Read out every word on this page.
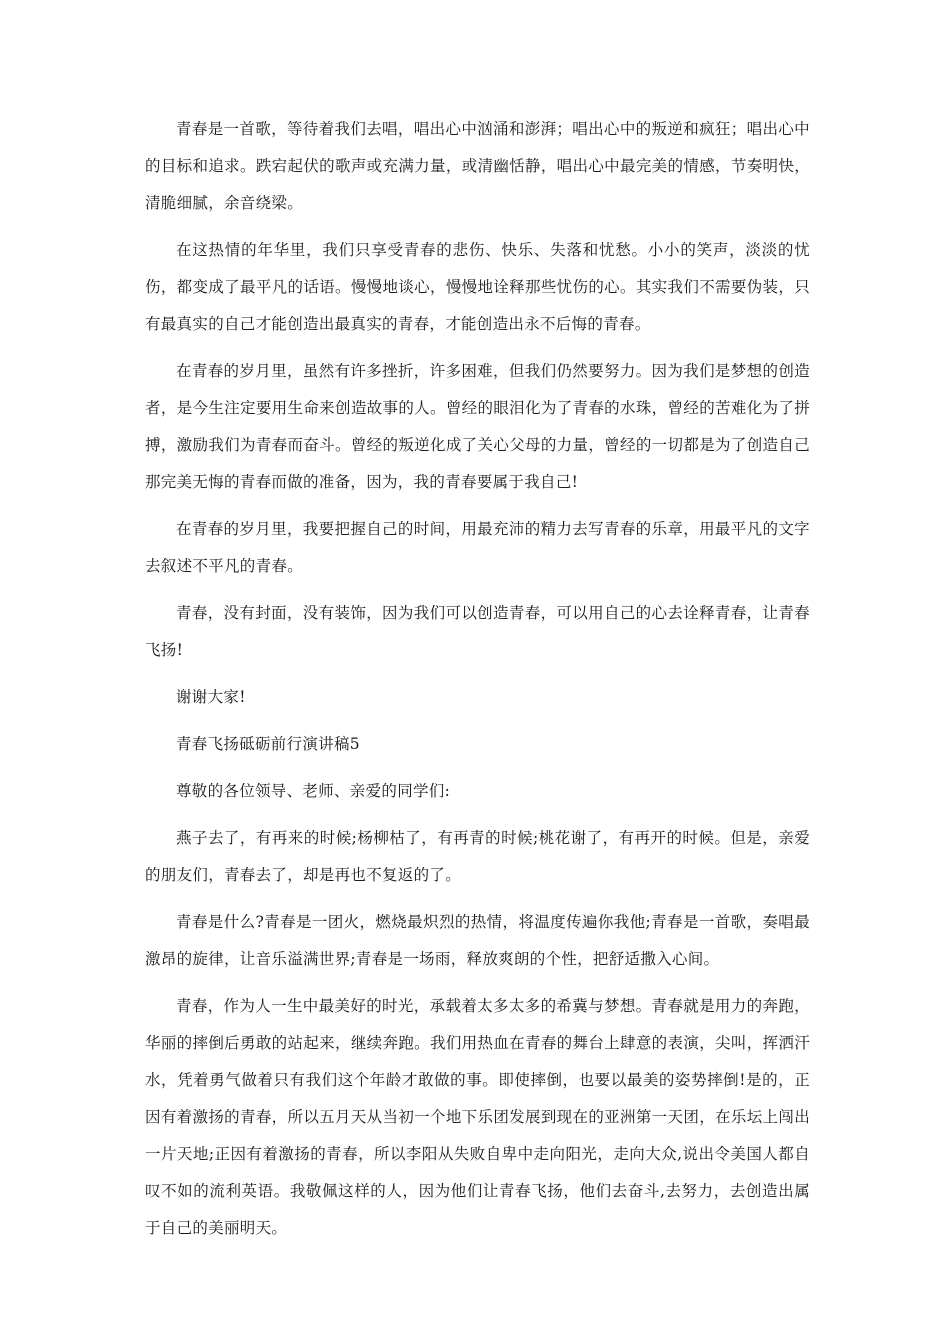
青春是一首歌，等待着我们去唱，唱出心中汹涌和澎湃；唱出心中的叛逆和疯狂；唱出心中的目标和追求。跌宕起伏的歌声或充满力量，或清幽恬静，唱出心中最完美的情感，节奏明快，清脆细腻，余音绕梁。

在这热情的年华里，我们只享受青春的悲伤、快乐、失落和忧愁。小小的笑声，淡淡的忧伤，都变成了最平凡的话语。慢慢地谈心，慢慢地诠释那些忧伤的心。其实我们不需要伪装，只有最真实的自己才能创造出最真实的青春，才能创造出永不后悔的青春。

在青春的岁月里，虽然有许多挫折，许多困难，但我们仍然要努力。因为我们是梦想的创造者，是今生注定要用生命来创造故事的人。曾经的眼泪化为了青春的水珠，曾经的苦难化为了拼搏，激励我们为青春而奋斗。曾经的叛逆化成了关心父母的力量，曾经的一切都是为了创造自己那完美无悔的青春而做的准备，因为，我的青春要属于我自己!

在青春的岁月里，我要把握自己的时间，用最充沛的精力去写青春的乐章，用最平凡的文字去叙述不平凡的青春。

青春，没有封面，没有装饰，因为我们可以创造青春，可以用自己的心去诠释青春，让青春飞扬!

谢谢大家!

青春飞扬砥砺前行演讲稿5

尊敬的各位领导、老师、亲爱的同学们:

燕子去了，有再来的时候;杨柳枯了，有再青的时候;桃花谢了，有再开的时候。但是，亲爱的朋友们，青春去了，却是再也不复返的了。

青春是什么?青春是一团火，燃烧最炽烈的热情，将温度传遍你我他;青春是一首歌，奏唱最激昂的旋律，让音乐溢满世界;青春是一场雨，释放爽朗的个性，把舒适撒入心间。

青春，作为人一生中最美好的时光，承载着太多太多的希冀与梦想。青春就是用力的奔跑，华丽的摔倒后勇敢的站起来，继续奔跑。我们用热血在青春的舞台上肆意的表演，尖叫，挥洒汗水，凭着勇气做着只有我们这个年龄才敢做的事。即使摔倒，也要以最美的姿势摔倒!是的，正因有着激扬的青春，所以五月天从当初一个地下乐团发展到现在的亚洲第一天团，在乐坛上闯出一片天地;正因有着激扬的青春，所以李阳从失败自卑中走向阳光，走向大众,说出令美国人都自叹不如的流利英语。我敬佩这样的人，因为他们让青春飞扬，他们去奋斗,去努力，去创造出属于自己的美丽明天。
